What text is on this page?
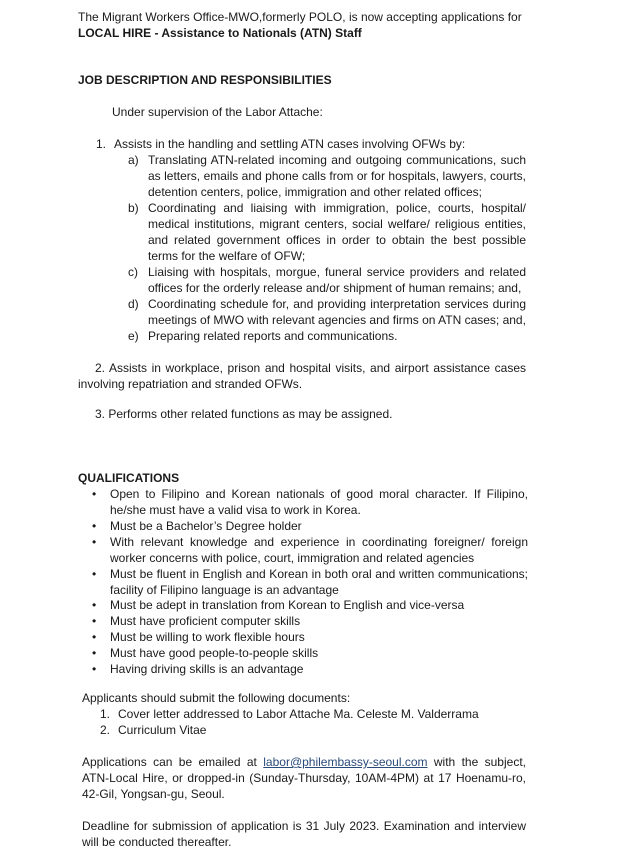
The Migrant Workers Office-MWO,formerly POLO, is now accepting applications for
LOCAL HIRE - Assistance to Nationals (ATN) Staff
JOB DESCRIPTION AND RESPONSIBILITIES
Under supervision of the Labor Attache:
1. Assists in the handling and settling ATN cases involving OFWs by:
a) Translating ATN-related incoming and outgoing communications, such as letters, emails and phone calls from or for hospitals, lawyers, courts, detention centers, police, immigration and other related offices;
b) Coordinating and liaising with immigration, police, courts, hospital/ medical institutions, migrant centers, social welfare/ religious entities, and related government offices in order to obtain the best possible terms for the welfare of OFW;
c) Liaising with hospitals, morgue, funeral service providers and related offices for the orderly release and/or shipment of human remains; and,
d) Coordinating schedule for, and providing interpretation services during meetings of MWO with relevant agencies and firms on ATN cases; and,
e) Preparing related reports and communications.
2. Assists in workplace, prison and hospital visits, and airport assistance cases involving repatriation and stranded OFWs.
3. Performs other related functions as may be assigned.
QUALIFICATIONS
•	Open to Filipino and Korean nationals of good moral character. If Filipino, he/she must have a valid visa to work in Korea.
•	Must be a Bachelor’s Degree holder
•	With relevant knowledge and experience in coordinating foreigner/ foreign worker concerns with police, court, immigration and related agencies
•	Must be fluent in English and Korean in both oral and written communications; facility of Filipino language is an advantage
•	Must be adept in translation from Korean to English and vice-versa
•	Must have proficient computer skills
•	Must be willing to work flexible hours
•	Must have good people-to-people skills
•	Having driving skills is an advantage
Applicants should submit the following documents:
1. Cover letter addressed to Labor Attache Ma. Celeste M. Valderrama
2. Curriculum Vitae
Applications can be emailed at labor@philembassy-seoul.com with the subject, ATN-Local Hire, or dropped-in (Sunday-Thursday, 10AM-4PM) at 17 Hoenamu-ro, 42-Gil, Yongsan-gu, Seoul.
Deadline for submission of application is 31 July 2023. Examination and interview will be conducted thereafter.
